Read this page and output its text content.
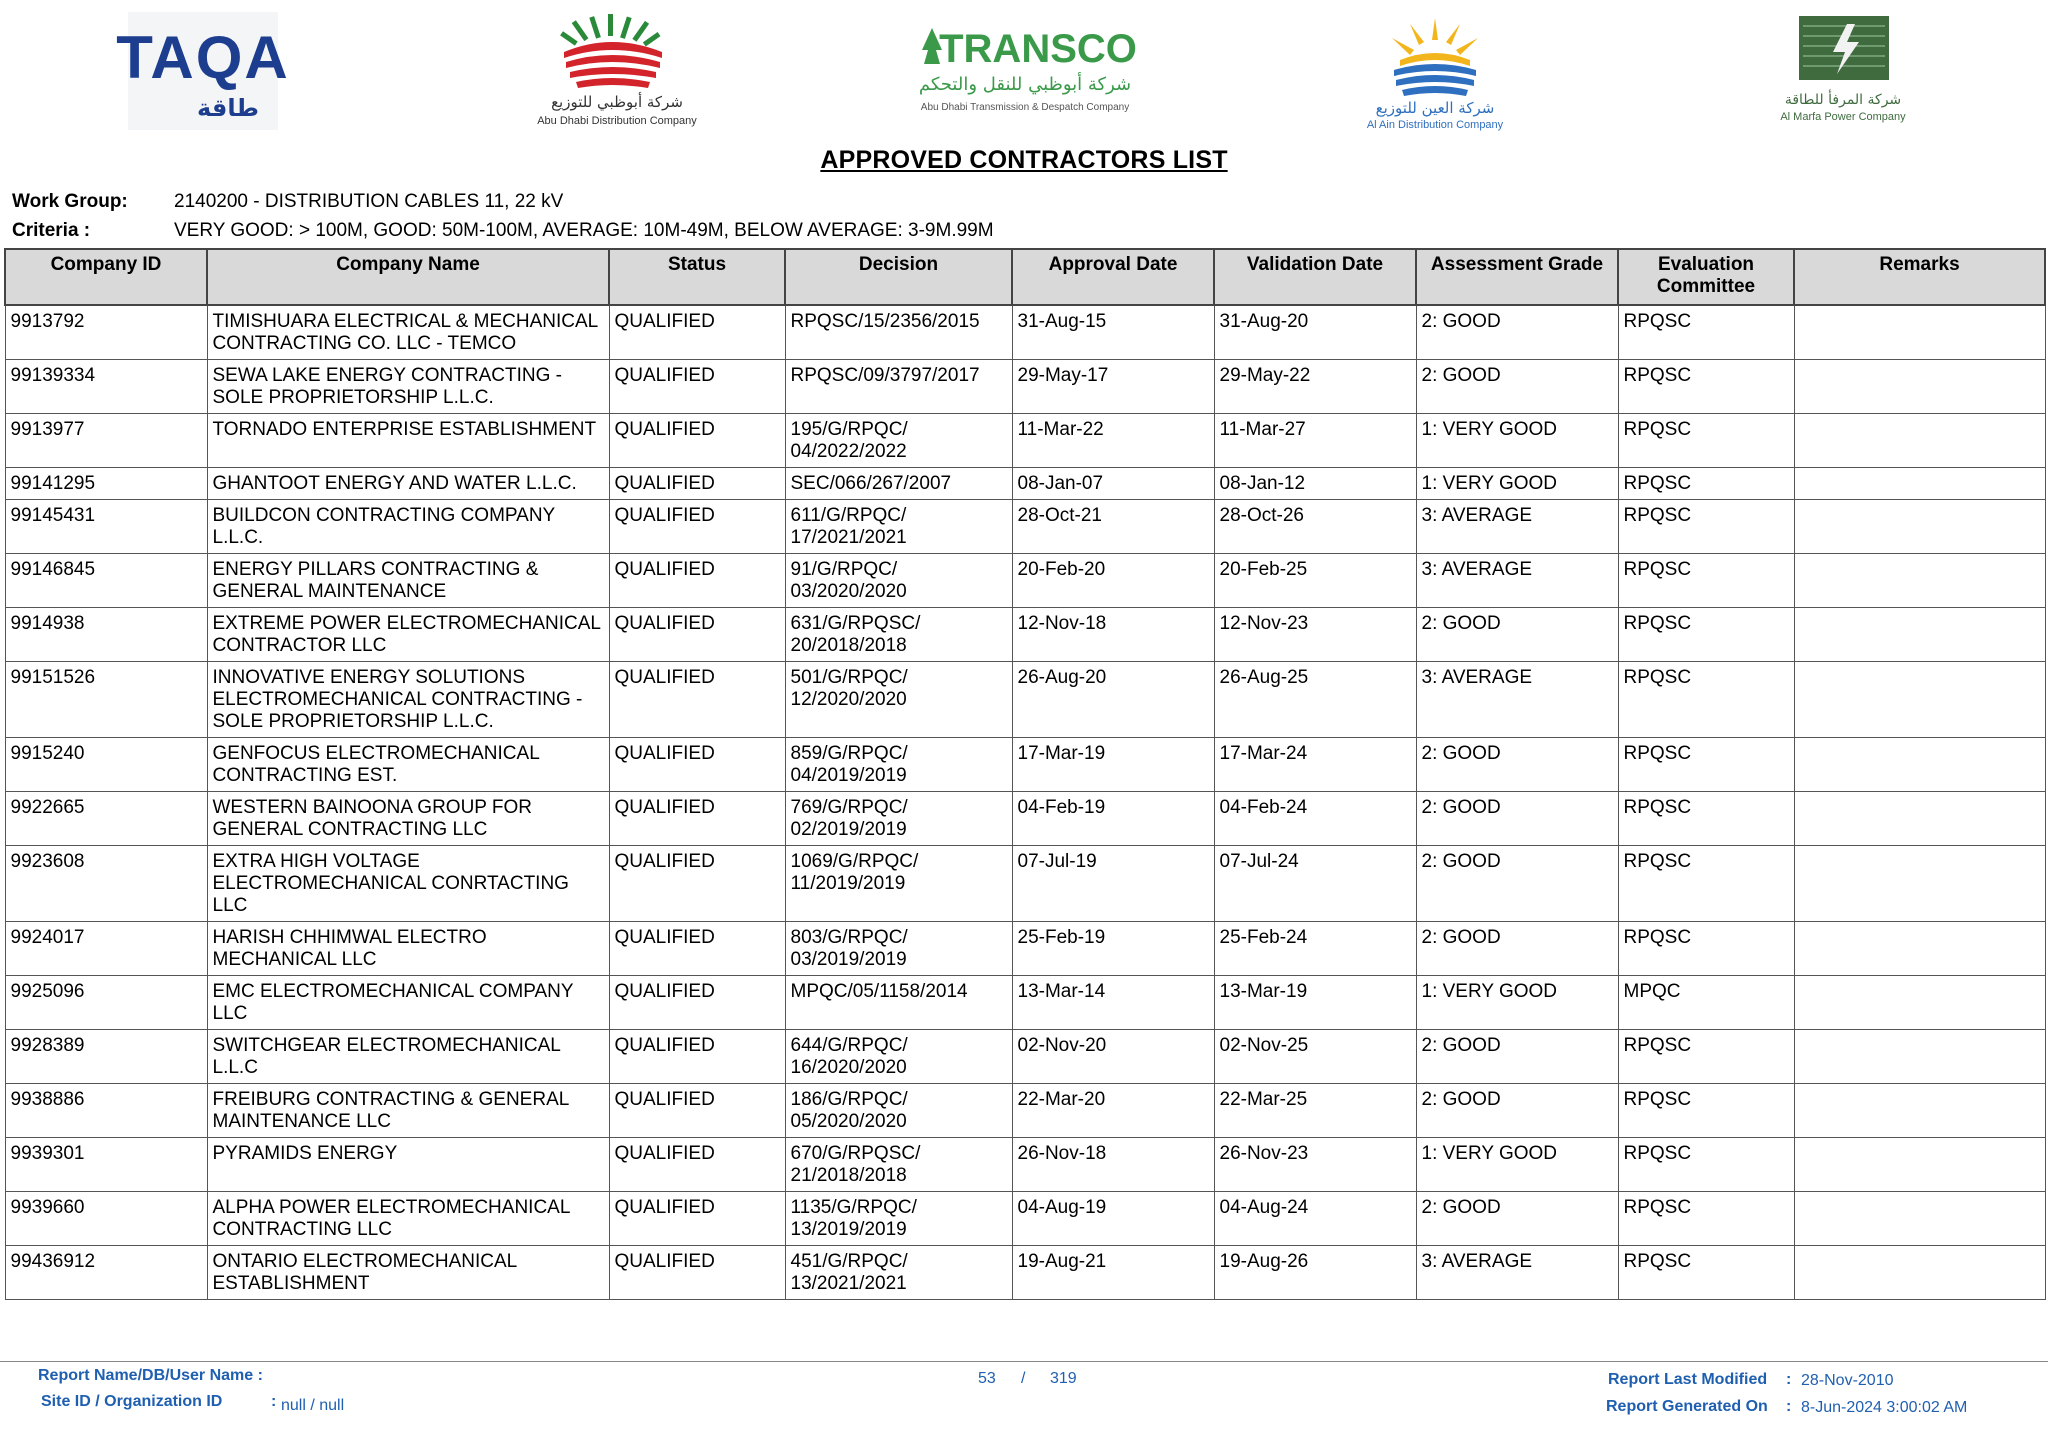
TAQA
طاقة	شركة أبوظبي للتوزيع
Abu Dhabi Distribution Company
TRANSCO
شركة أبوظبي للنقل والتحكم
Abu Dhabi Transmission & Despatch Company	شركة العين للتوزيع
Al Ain Distribution Company
شركة المرفأ للطاقة
Al Marfa Power Company
APPROVED CONTRACTORS LIST
Work Group: 2140200 - DISTRIBUTION CABLES 11, 22 kV
Criteria :	VERY GOOD: > 100M, GOOD: 50M-100M, AVERAGE: 10M-49M, BELOW AVERAGE: 3-9M.99M
Company ID	Company Name	Status	Decision	Approval Date	Validation Date	Assessment Grade	Evaluation Committee	Remarks
9913792	TIMISHUARA ELECTRICAL & MECHANICAL CONTRACTING CO. LLC - TEMCO	QUALIFIED	RPQSC/15/2356/2015	31-Aug-15	31-Aug-20	2: GOOD	RPQSC	
99139334	SEWA LAKE ENERGY CONTRACTING - SOLE PROPRIETORSHIP L.L.C.	QUALIFIED	RPQSC/09/3797/2017	29-May-17	29-May-22	2: GOOD	RPQSC	
9913977	TORNADO ENTERPRISE ESTABLISHMENT	QUALIFIED	195/G/RPQC/ 04/2022/2022	11-Mar-22	11-Mar-27	1: VERY GOOD	RPQSC	
99141295	GHANTOOT ENERGY AND WATER L.L.C.	QUALIFIED	SEC/066/267/2007	08-Jan-07	08-Jan-12	1: VERY GOOD	RPQSC	
99145431	BUILDCON CONTRACTING COMPANY L.L.C.	QUALIFIED	611/G/RPQC/ 17/2021/2021	28-Oct-21	28-Oct-26	3: AVERAGE	RPQSC	
99146845	ENERGY PILLARS CONTRACTING & GENERAL MAINTENANCE	QUALIFIED	91/G/RPQC/ 03/2020/2020	20-Feb-20	20-Feb-25	3: AVERAGE	RPQSC	
9914938	EXTREME POWER ELECTROMECHANICAL CONTRACTOR LLC	QUALIFIED	631/G/RPQSC/ 20/2018/2018	12-Nov-18	12-Nov-23	2: GOOD	RPQSC	
99151526	INNOVATIVE ENERGY SOLUTIONS ELECTROMECHANICAL CONTRACTING - SOLE PROPRIETORSHIP L.L.C.	QUALIFIED	501/G/RPQC/ 12/2020/2020	26-Aug-20	26-Aug-25	3: AVERAGE	RPQSC	
9915240	GENFOCUS ELECTROMECHANICAL CONTRACTING EST.	QUALIFIED	859/G/RPQC/ 04/2019/2019	17-Mar-19	17-Mar-24	2: GOOD	RPQSC	
9922665	WESTERN BAINOONA GROUP FOR GENERAL CONTRACTING LLC	QUALIFIED	769/G/RPQC/ 02/2019/2019	04-Feb-19	04-Feb-24	2: GOOD	RPQSC	
9923608	EXTRA HIGH VOLTAGE ELECTROMECHANICAL CONRTACTING LLC	QUALIFIED	1069/G/RPQC/ 11/2019/2019	07-Jul-19	07-Jul-24	2: GOOD	RPQSC	
9924017	HARISH CHHIMWAL ELECTRO MECHANICAL LLC	QUALIFIED	803/G/RPQC/ 03/2019/2019	25-Feb-19	25-Feb-24	2: GOOD	RPQSC	
9925096	EMC ELECTROMECHANICAL COMPANY LLC	QUALIFIED	MPQC/05/1158/2014	13-Mar-14	13-Mar-19	1: VERY GOOD	MPQC	
9928389	SWITCHGEAR ELECTROMECHANICAL L.L.C	QUALIFIED	644/G/RPQC/ 16/2020/2020	02-Nov-20	02-Nov-25	2: GOOD	RPQSC	
9938886	FREIBURG CONTRACTING & GENERAL MAINTENANCE LLC	QUALIFIED	186/G/RPQC/ 05/2020/2020	22-Mar-20	22-Mar-25	2: GOOD	RPQSC	
9939301	PYRAMIDS ENERGY	QUALIFIED	670/G/RPQSC/ 21/2018/2018	26-Nov-18	26-Nov-23	1: VERY GOOD	RPQSC	
9939660	ALPHA POWER ELECTROMECHANICAL CONTRACTING LLC	QUALIFIED	1135/G/RPQC/ 13/2019/2019	04-Aug-19	04-Aug-24	2: GOOD	RPQSC	
99436912	ONTARIO ELECTROMECHANICAL ESTABLISHMENT	QUALIFIED	451/G/RPQC/ 13/2021/2021	19-Aug-21	19-Aug-26	3: AVERAGE	RPQSC	
Report Name/DB/User Name :
Site ID / Organization ID	: null / null
53 / 319	Report Last Modified : 28-Nov-2010
Report Generated On : 8-Jun-2024 3:00:02 AM
